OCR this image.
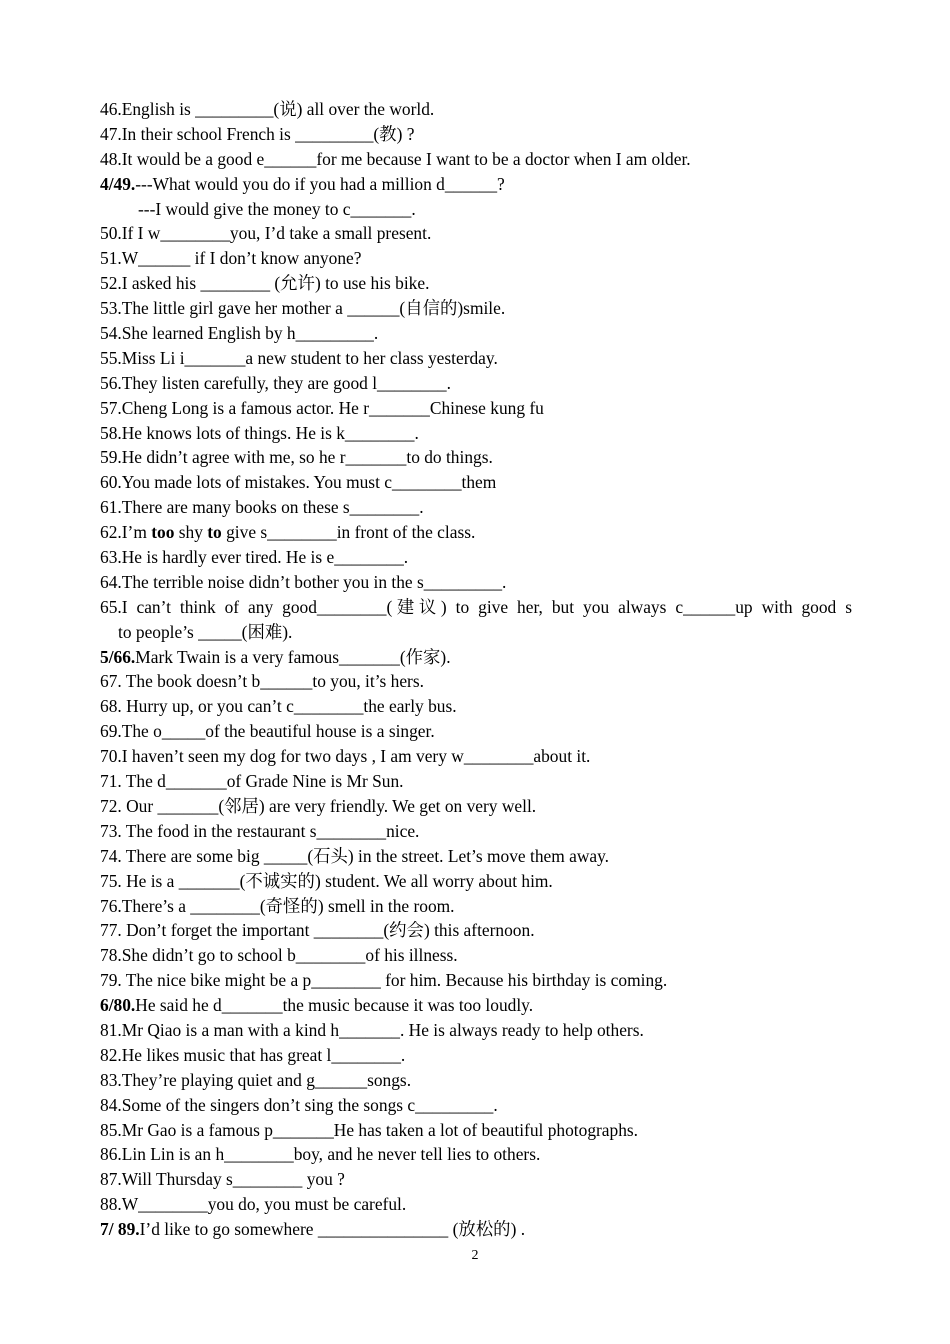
46.English is _________(说) all over the world.
47.In their school French is _________(教) ?
48.It would be a good e______for me because I want to be a doctor when I am older.
4/49.---What would you do if you had a million d______?
---I would give the money to c_______.
50.If I w________you, I’d take a small present.
51.W______ if I don’t know anyone?
52.I asked his ________ (允许) to use his bike.
53.The little girl gave her mother a ______(自信的)smile.
54.She learned English by h_________.
55.Miss Li i_______a new student to her class yesterday.
56.They listen carefully, they are good l________.
57.Cheng Long is a famous actor. He r_______Chinese kung fu
58.He knows lots of things. He is k________.
59.He didn’t agree with me, so he r_______to do things.
60.You made lots of mistakes. You must c________them
61.There are many books on these s________.
62.I’m too shy to give s________in front of the class.
63.He is hardly ever tired. He is e________.
64.The terrible noise didn’t bother you in the s_________.
65.I can’t think of any good________(建议) to give her, but you always c______up with good s
to people’s _____(困难).
5/66.Mark Twain is a very famous_______(作家).
67. The book doesn’t b______to you, it’s hers.
68. Hurry up, or you can’t c________the early bus.
69.The o_____of the beautiful house is a singer.
70.I haven’t seen my dog for two days , I am very w________about it.
71. The d_______of Grade Nine is Mr Sun.
72. Our _______(邻居) are very friendly. We get on very well.
73. The food in the restaurant s________nice.
74. There are some big _____(石头) in the street. Let’s move them away.
75. He is a _______(不诚实的) student. We all worry about him.
76.There’s a ________(奇怪的) smell in the room.
77. Don’t forget the important ________(约会) this afternoon.
78.She didn’t go to school b________of his illness.
79. The nice bike might be a p________ for him. Because his birthday is coming.
6/80.He said he d_______the music because it was too loudly.
81.Mr Qiao is a man with a kind h_______. He is always ready to help others.
82.He likes music that has great l________.
83.They’re playing quiet and g______songs.
84.Some of the singers don’t sing the songs c_________.
85.Mr Gao is a famous p_______He has taken a lot of beautiful photographs.
86.Lin Lin is an h________boy, and he never tell lies to others.
87.Will Thursday s________ you ?
88.W________you do, you must be careful.
7/ 89.I’d like to go somewhere _______________ (放松的) .
2
